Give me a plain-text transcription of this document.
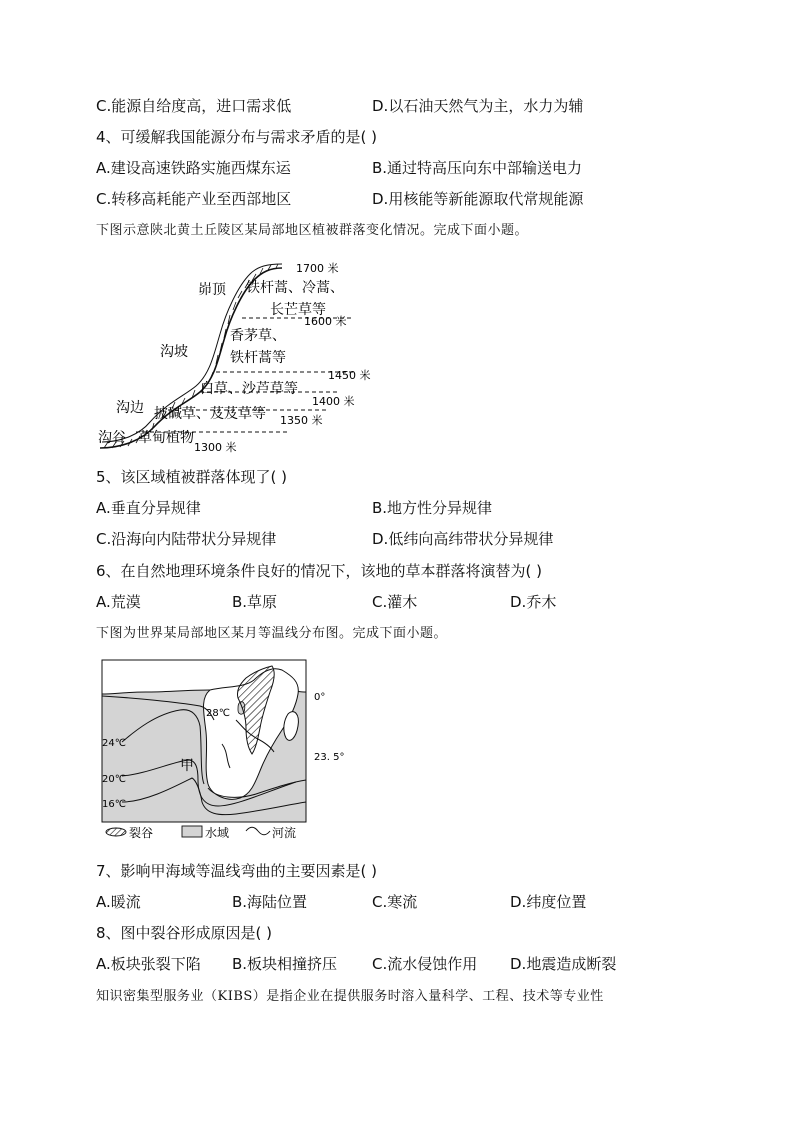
C.能源自给度高，进口需求低	D.以石油天然气为主，水力为辅
4、可缓解我国能源分布与需求矛盾的是( )
A.建设高速铁路实施西煤东运	B.通过特高压向东中部输送电力
C.转移高耗能产业至西部地区	D.用核能等新能源取代常规能源
下图示意陕北黄土丘陵区某局部地区植被群落变化情况。完成下面小题。
1700 米
1600 米
1450 米
1400 米
1350 米
1300 米
峁顶
沟坡
沟边
沟谷
铁杆蒿、冷蒿、
长芒草等
香茅草、
铁杆蒿等
白草、沙芦草等
披碱草、芨芨草等
草甸植物
5、该区域植被群落体现了( )
A.垂直分异规律	B.地方性分异规律
C.沿海向内陆带状分异规律	D.低纬向高纬带状分异规律
6、在自然地理环境条件良好的情况下，该地的草本群落将演替为( )
A.荒漠	B.草原	C.灌木	D.乔木
下图为世界某局部地区某月等温线分布图。完成下面小题。
28℃
24℃
20℃
16℃
甲
0°
23. 5°
裂谷	水域	河流
7、影响甲海域等温线弯曲的主要因素是( )
A.暖流	B.海陆位置	C.寒流	D.纬度位置
8、图中裂谷形成原因是( )
A.板块张裂下陷 B.板块相撞挤压 C.流水侵蚀作用 D.地震造成断裂
知识密集型服务业（KIBS）是指企业在提供服务时溶入量科学、工程、技术等专业性
